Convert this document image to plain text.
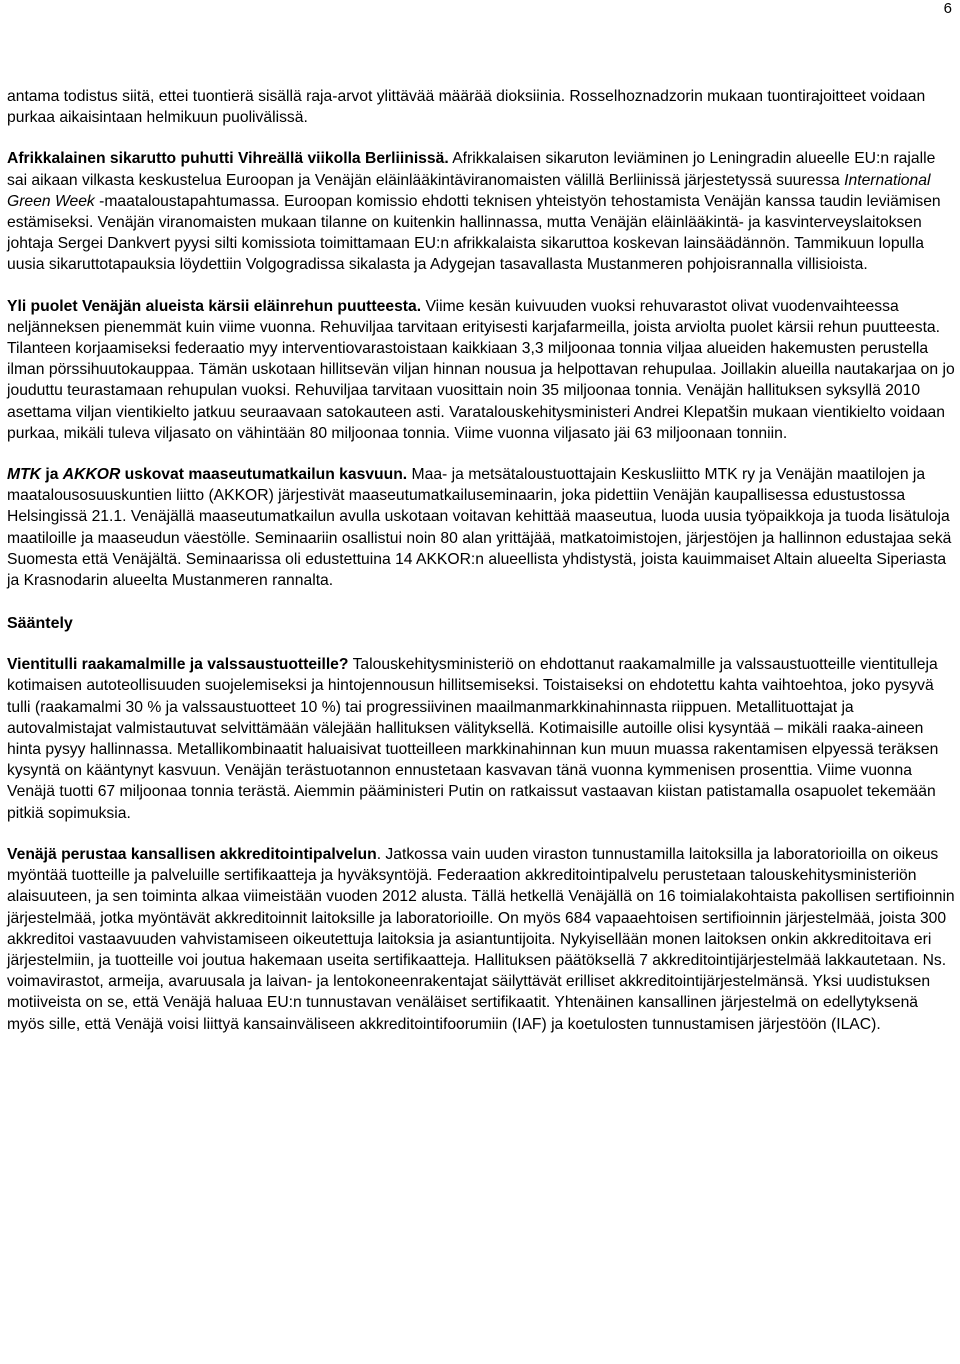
6

antama todistus siitä, ettei tuontierä sisällä raja-arvot ylittävää määrää dioksiinia. Rosselhoznadzorin mukaan tuontirajoitteet voidaan purkaa aikaisintaan helmikuun puolivälissä.

Afrikkalainen sikarutto puhutti Vihreällä viikolla Berliinissä. Afrikkalaisen sikaruton leviäminen jo Leningradin alueelle EU:n rajalle sai aikaan vilkasta keskustelua Euroopan ja Venäjän eläinlääkintäviranomaisten välillä Berliinissä järjestetyssä suuressa International Green Week -maataloustapahtumassa. Euroopan komissio ehdotti teknisen yhteistyön tehostamista Venäjän kanssa taudin leviämisen estämiseksi. Venäjän viranomaisten mukaan tilanne on kuitenkin hallinnassa, mutta Venäjän eläinlääkintä- ja kasvinterveyslaitoksen johtaja Sergei Dankvert pyysi silti komissiota toimittamaan EU:n afrikkalaista sikaruttoa koskevan lainsäädännön. Tammikuun lopulla uusia sikaruttotapauksia löydettiin Volgogradissa sikalasta ja Adygejan tasavallasta Mustanmeren pohjoisrannalla villisioista.

Yli puolet Venäjän alueista kärsii eläinrehun puutteesta. Viime kesän kuivuuden vuoksi rehuvarastot olivat vuodenvaihteessa neljänneksen pienemmät kuin viime vuonna. Rehuviljaa tarvitaan erityisesti karjafarmeilla, joista arviolta puolet kärsii rehun puutteesta. Tilanteen korjaamiseksi federaatio myy interventiovarastoistaan kaikkiaan 3,3 miljoonaa tonnia viljaa alueiden hakemusten perustella ilman pörssihuutokauppaa. Tämän uskotaan hillitsevän viljan hinnan nousua ja helpottavan rehupulaa. Joillakin alueilla nautakarjaa on jo jouduttu teurastamaan rehupulan vuoksi. Rehuviljaa tarvitaan vuosittain noin 35 miljoonaa tonnia. Venäjän hallituksen syksyllä 2010 asettama viljan vientikielto jatkuu seuraavaan satokauteen asti. Varatalouskehitysministeri Andrei Klepatšin mukaan vientikielto voidaan purkaa, mikäli tuleva viljasato on vähintään 80 miljoonaa tonnia. Viime vuonna viljasato jäi 63 miljoonaan tonniin.

MTK ja AKKOR uskovat maaseutumatkailun kasvuun. Maa- ja metsätaloustuottajain Keskusliitto MTK ry ja Venäjän maatilojen ja maatalousosuuskuntien liitto (AKKOR) järjestivät maaseutumatkailuseminaarin, joka pidettiin Venäjän kaupallisessa edustustossa Helsingissä 21.1. Venäjällä maaseutumatkailun avulla uskotaan voitavan kehittää maaseutua, luoda uusia työpaikkoja ja tuoda lisätuloja maatiloille ja maaseudun väestölle. Seminaariin osallistui noin 80 alan yrittäjää, matkatoimistojen, järjestöjen ja hallinnon edustajaa sekä Suomesta että Venäjältä. Seminaarissa oli edustettuina 14 AKKOR:n alueellista yhdistystä, joista kauimmaiset Altain alueelta Siperiasta ja Krasnodarin alueelta Mustanmeren rannalta.

Sääntely

Vientitulli raakamalmille ja valssaustuotteille? Talouskehitysministeriö on ehdottanut raakamalmille ja valssaustuotteille vientitulleja kotimaisen autoteollisuuden suojelemiseksi ja hintojennousun hillitsemiseksi. Toistaiseksi on ehdotettu kahta vaihtoehtoa, joko pysyvä tulli (raakamalmi 30 % ja valssaustuotteet 10 %) tai progressiivinen maailmanmarkkinahinnasta riippuen. Metallituottajat ja autovalmistajat valmistautuvat selvittämään välejään hallituksen välityksellä. Kotimaisille autoille olisi kysyntää – mikäli raaka-aineen hinta pysyy hallinnassa. Metallikombinaatit haluaisivat tuotteilleen markkinahinnan kun muun muassa rakentamisen elpyessä teräksen kysyntä on kääntynyt kasvuun. Venäjän terästuotannon ennustetaan kasvavan tänä vuonna kymmenisen prosenttia. Viime vuonna Venäjä tuotti 67 miljoonaa tonnia terästä. Aiemmin pääministeri Putin on ratkaissut vastaavan kiistan patistamalla osapuolet tekemään pitkiä sopimuksia.

Venäjä perustaa kansallisen akkreditointipalvelun. Jatkossa vain uuden viraston tunnustamilla laitoksilla ja laboratorioilla on oikeus myöntää tuotteille ja palveluille sertifikaatteja ja hyväksyntöjä. Federaation akkreditointipalvelu perustetaan talouskehitysministeriön alaisuuteen, ja sen toiminta alkaa viimeistään vuoden 2012 alusta. Tällä hetkellä Venäjällä on 16 toimialakohtaista pakollisen sertifioinnin järjestelmää, jotka myöntävät akkreditoinnit laitoksille ja laboratorioille. On myös 684 vapaaehtoisen sertifioinnin järjestelmää, joista 300 akkreditoi vastaavuuden vahvistamiseen oikeutettuja laitoksia ja asiantuntijoita. Nykyisellään monen laitoksen onkin akkreditoitava eri järjestelmiin, ja tuotteille voi joutua hakemaan useita sertifikaatteja. Hallituksen päätöksellä 7 akkreditointijärjestelmää lakkautetaan. Ns. voimavirastot, armeija, avaruusala ja laivan- ja lentokoneenrakentajat säilyttävät erilliset akkreditointijärjestelmänsä. Yksi uudistuksen motiiveista on se, että Venäjä haluaa EU:n tunnustavan venäläiset sertifikaatit. Yhtenäinen kansallinen järjestelmä on edellytyksenä myös sille, että Venäjä voisi liittyä kansainväliseen akkreditointifoorumiin (IAF) ja koetulosten tunnustamisen järjestöön (ILAC).
